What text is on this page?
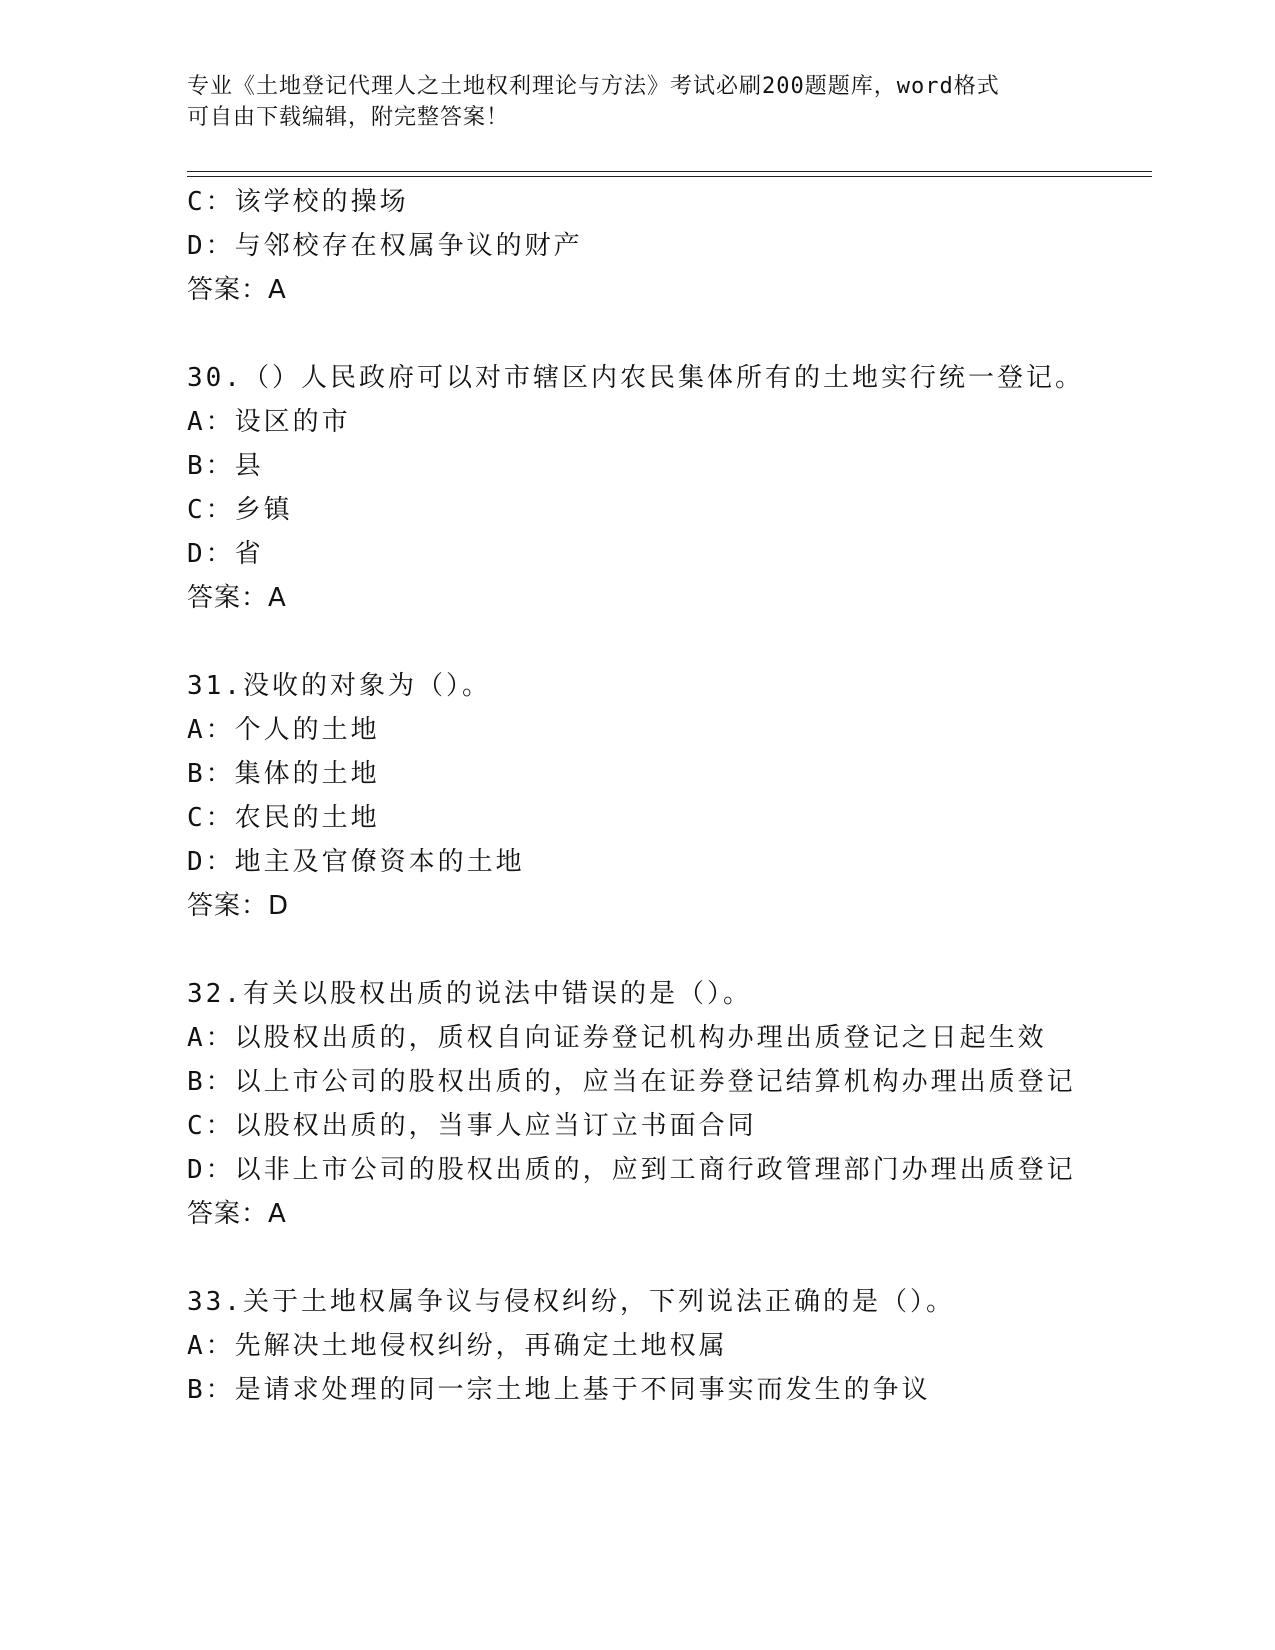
专业《土地登记代理人之土地权利理论与方法》考试必刷200题题库，word格式
可自由下载编辑，附完整答案！
C：该学校的操场
D：与邻校存在权属争议的财产
答案：A
30.（）人民政府可以对市辖区内农民集体所有的土地实行统一登记。
A：设区的市
B：县
C：乡镇
D：省
答案：A
31.没收的对象为（）。
A：个人的土地
B：集体的土地
C：农民的土地
D：地主及官僚资本的土地
答案：D
32.有关以股权出质的说法中错误的是（）。
A：以股权出质的，质权自向证券登记机构办理出质登记之日起生效
B：以上市公司的股权出质的，应当在证券登记结算机构办理出质登记
C：以股权出质的，当事人应当订立书面合同
D：以非上市公司的股权出质的，应到工商行政管理部门办理出质登记
答案：A
33.关于土地权属争议与侵权纠纷，下列说法正确的是（）。
A：先解决土地侵权纠纷，再确定土地权属
B：是请求处理的同一宗土地上基于不同事实而发生的争议
